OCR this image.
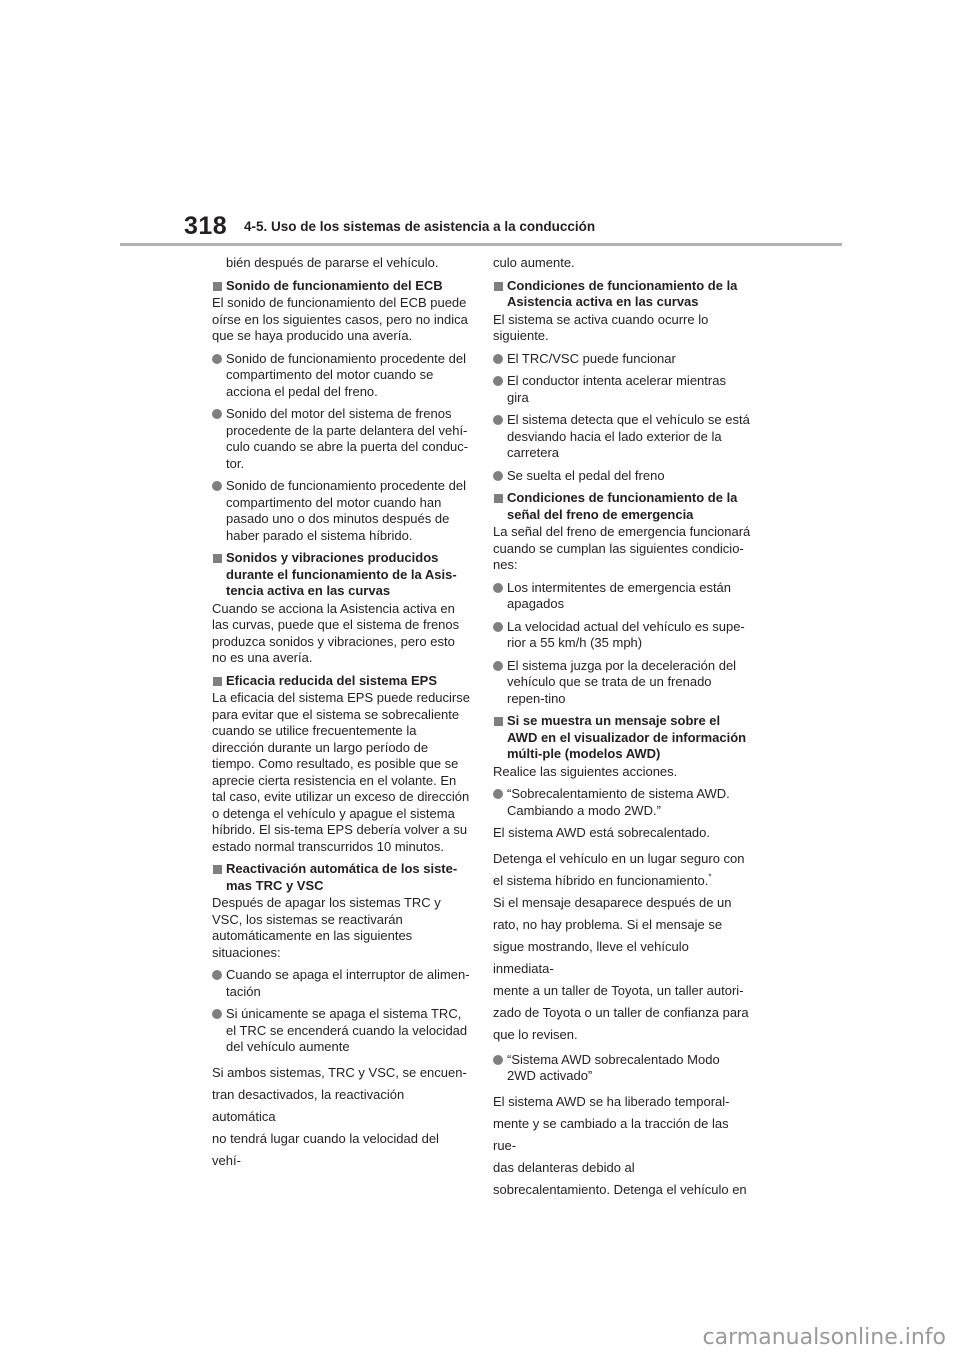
318 4-5. Uso de los sistemas de asistencia a la conducción

bién después de pararse el vehículo.

Sonido de funcionamiento del ECB

El sonido de funcionamiento del ECB puede oírse en los siguientes casos, pero no indica que se haya producido una avería.

Sonido de funcionamiento procedente del compartimento del motor cuando se acciona el pedal del freno.
Sonido del motor del sistema de frenos procedente de la parte delantera del vehí-culo cuando se abre la puerta del conduc-tor.
Sonido de funcionamiento procedente del compartimento del motor cuando han pasado uno o dos minutos después de haber parado el sistema híbrido.
Sonidos y vibraciones producidos durante el funcionamiento de la Asis-tencia activa en las curvas

Cuando se acciona la Asistencia activa en las curvas, puede que el sistema de frenos produzca sonidos y vibraciones, pero esto no es una avería.

Eficacia reducida del sistema EPS

La eficacia del sistema EPS puede reducirse para evitar que el sistema se sobrecaliente cuando se utilice frecuentemente la dirección durante un largo período de tiempo. Como resultado, es posible que se aprecie cierta resistencia en el volante. En tal caso, evite utilizar un exceso de dirección o detenga el vehículo y apague el sistema híbrido. El sis-tema EPS debería volver a su estado normal transcurridos 10 minutos.

Reactivación automática de los siste-mas TRC y VSC

Después de apagar los sistemas TRC y VSC, los sistemas se reactivarán automáticamente en las siguientes situaciones:

Cuando se apaga el interruptor de alimen-tación
Si únicamente se apaga el sistema TRC, el TRC se encenderá cuando la velocidad del vehículo aumente

Si ambos sistemas, TRC y VSC, se encuen-

tran desactivados, la reactivación automática

no tendrá lugar cuando la velocidad del vehí-

culo aumente.

Condiciones de funcionamiento de la Asistencia activa en las curvas

El sistema se activa cuando ocurre lo siguiente.

El TRC/VSC puede funcionar
El conductor intenta acelerar mientras gira
El sistema detecta que el vehículo se está desviando hacia el lado exterior de la carretera
Se suelta el pedal del freno
Condiciones de funcionamiento de la señal del freno de emergencia

La señal del freno de emergencia funcionará cuando se cumplan las siguientes condicio-nes:

Los intermitentes de emergencia están apagados
La velocidad actual del vehículo es supe-rior a 55 km/h (35 mph)
El sistema juzga por la deceleración del vehículo que se trata de un frenado repen-tino
Si se muestra un mensaje sobre el AWD en el visualizador de información múlti-ple (modelos AWD)

Realice las siguientes acciones.

“Sobrecalentamiento de sistema AWD. Cambiando a modo 2WD.”

El sistema AWD está sobrecalentado.

Detenga el vehículo en un lugar seguro con

el sistema híbrido en funcionamiento.*

Si el mensaje desaparece después de un

rato, no hay problema. Si el mensaje se

sigue mostrando, lleve el vehículo inmediata-

mente a un taller de Toyota, un taller autori-

zado de Toyota o un taller de confianza para

que lo revisen.

“Sistema AWD sobrecalentado Modo 2WD activado”

El sistema AWD se ha liberado temporal-

mente y se cambiado a la tracción de las rue-

das delanteras debido al

sobrecalentamiento. Detenga el vehículo en

carmanualsonline.info
